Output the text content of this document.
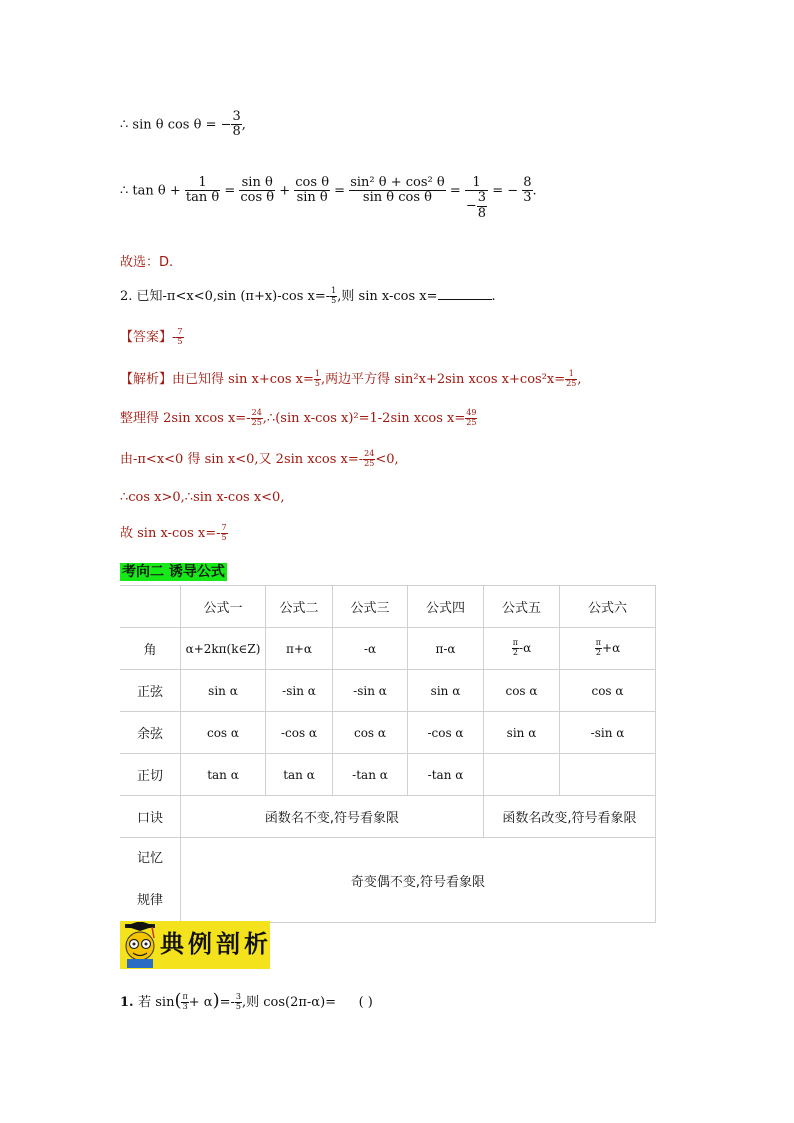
∴ sin θ cos θ = − $\frac{3}{8}$ ,
∴ $\tan \theta + \frac{1}{\text{tan θ}} = \frac{\text{sin θ}}{\text{cos θ}} + \frac{\text{cos θ}}{\text{sin θ}} = \frac{\text{sin² θ + cos² θ}}{\text{sin θ cos θ}} = \frac{1}{- \frac{3}{8}}$ = − $\frac{8}{3}$ .
故选：D.
2. 已知-π<x<0,sin (π+x)-cos $x=- \frac{1}{5}$ ,则 sin x-cos x=	.
【答案】- $\frac{7}{5}$
【解析】由已知得 sin x+cos $x= \frac{1}{5}$ ,两边平方得 sin²x+2sin xcos $x+\cos^2x= \frac{1}{25}$ ,
整理得 2sin xcos $x=- \frac{24}{25}$ ,∴(sin x-cos x)²=1-2sin xcos $x= \frac{49}{25}$
由-π<x<0 得 sin x<0,又 2sin xcos $x=- \frac{24}{25} <0$,
∴cos x>0,∴sin x-cos x<0,
故 sin x-cos $x=- \frac{7}{5}$
考向二 诱导公式
	公式一	公式二	公式三	公式四	公式五	公式六
角	α+2kπ(k∈Z)	π+α	-α	π-α	$\frac{\pi}{2} -\alpha$	$\frac{\pi}{2} +\alpha$
正弦	sin α	-sin α	-sin α	sin α	cos α	cos α
余弦	cos α	-cos α	cos α	-cos α	sin α	-sin α
正切	tan α	tan α	-tan α	-tan α		
口诀	函数名不变,符号看象限				函数名改变,符号看象限	

记忆
规律	奇变偶不变,符号看象限					
典例剖析
1. 若 $\sin( \frac{\pi}{3} + \alpha)=- \frac{3}{5}$ ,则 cos(2π-α)= ( )
